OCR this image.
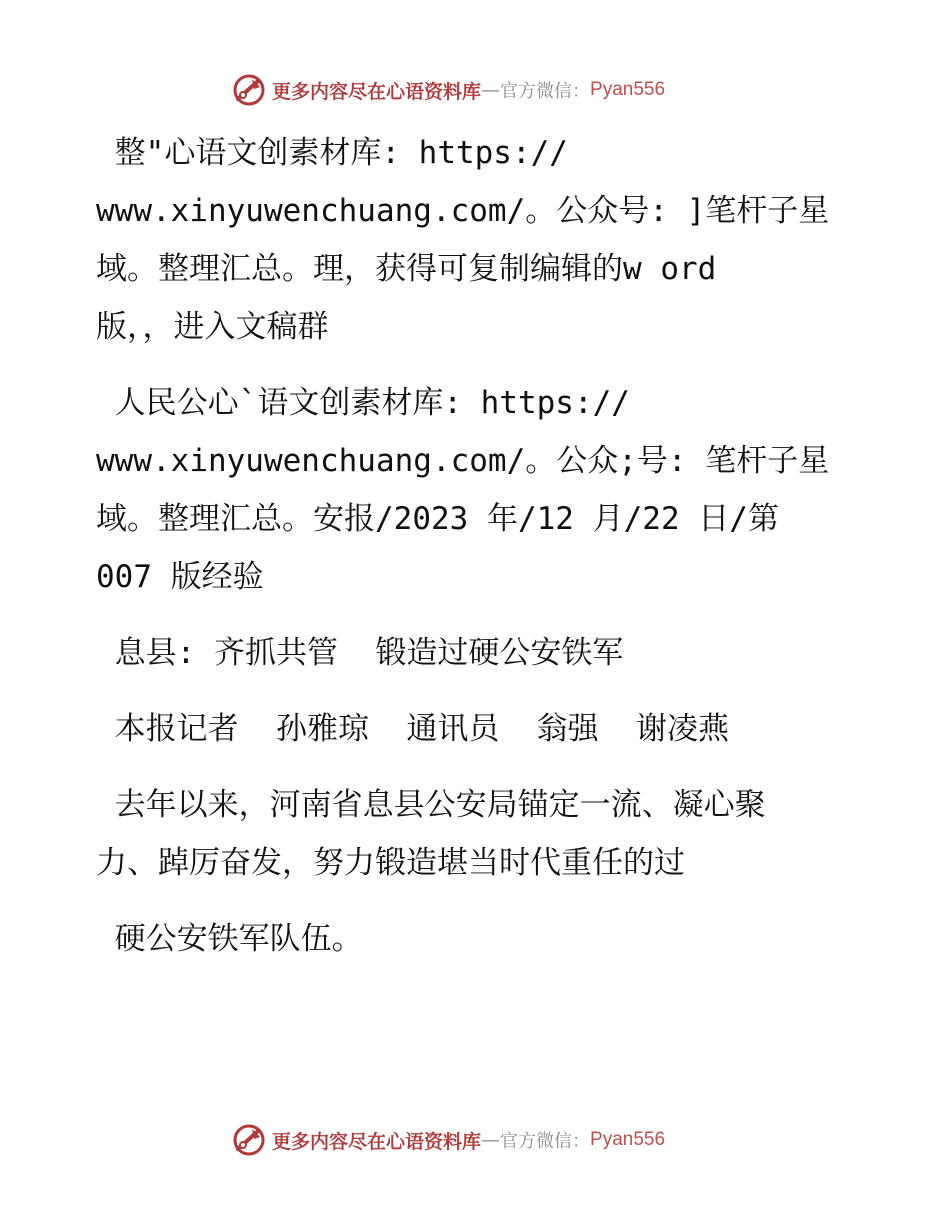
更多内容尽在心语资料库 — 官方微信： Pyan556

整"心语文创素材库: https://
www.xinyuwenchuang.com/。公众号: ]笔杆子星
域。整理汇总。理，获得可复制编辑的w ord
版，，进入文稿群

人民公心`语文创素材库: https://
www.xinyuwenchuang.com/。公众;号: 笔杆子星
域。整理汇总。安报/2023 年/12 月/22 日/第
007 版经验

息县: 齐抓共管  锻造过硬公安铁军

本报记者  孙雅琼  通讯员  翁强  谢凌燕

去年以来，河南省息县公安局锚定一流、凝心聚
力、踔厉奋发，努力锻造堪当时代重任的过

硬公安铁军队伍。

更多内容尽在心语资料库 — 官方微信： Pyan556
